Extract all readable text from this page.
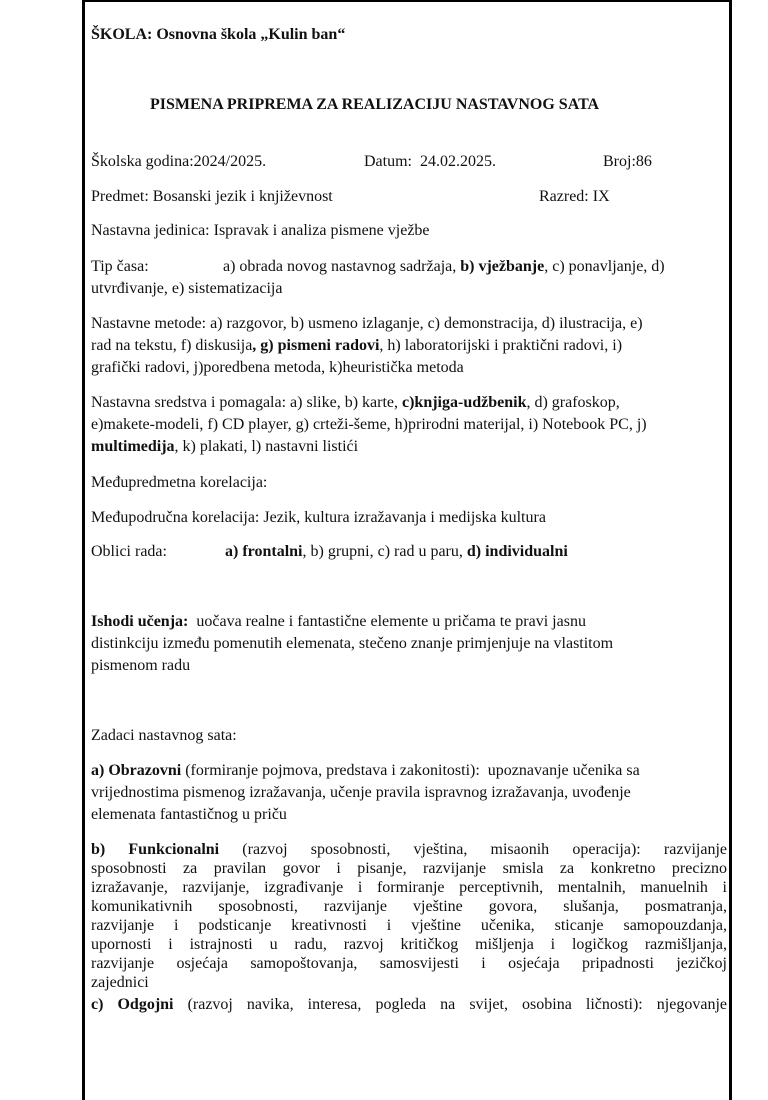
ŠKOLA: Osnovna škola „Kulin ban“
PISMENA PRIPREMA ZA REALIZACIJU NASTAVNOG SATA
Školska godina:2024/2025.	Datum: 24.02.2025.	Broj:86
Predmet: Bosanski jezik i književnost	Razred: IX
Nastavna jedinica: Ispravak i analiza pismene vježbe
Tip časa:	a) obrada novog nastavnog sadržaja, b) vježbanje, c) ponavljanje, d)
utvrđivanje, e) sistematizacija
Nastavne metode: a) razgovor, b) usmeno izlaganje, c) demonstracija, d) ilustracija, e)
rad na tekstu, f) diskusija, g) pismeni radovi, h) laboratorijski i praktični radovi, i)
grafički radovi, j)poredbena metoda, k)heuristička metoda
Nastavna sredstva i pomagala: a) slike, b) karte, c)knjiga-udžbenik, d) grafoskop,
e)makete-modeli, f) CD player, g) crteži-šeme, h)prirodni materijal, i) Notebook PC, j)
multimedija, k) plakati, l) nastavni listići
Međupredmetna korelacija:
Međupodručna korelacija: Jezik, kultura izražavanja i medijska kultura
Oblici rada:	a) frontalni, b) grupni, c) rad u paru, d) individualni
Ishodi učenja:  uočava realne i fantastične elemente u pričama te pravi jasnu
distinkciju između pomenutih elemenata, stečeno znanje primjenjuje na vlastitom
pismenom radu
Zadaci nastavnog sata:
a) Obrazovni (formiranje pojmova, predstava i zakonitosti):  upoznavanje učenika sa
vrijednostima pismenog izražavanja, učenje pravila ispravnog izražavanja, uvođenje
elemenata fantastičnog u priču
b) Funkcionalni (razvoj sposobnosti, vještina, misaonih operacija): razvijanje
sposobnosti za pravilan govor i pisanje, razvijanje smisla za konkretno precizno
izražavanje, razvijanje, izgrađivanje i formiranje perceptivnih, mentalnih, manuelnih i
komunikativnih sposobnosti, razvijanje vještine govora, slušanja, posmatranja,
razvijanje i podsticanje kreativnosti i vještine učenika, sticanje samopouzdanja,
upornosti i istrajnosti u radu, razvoj kritičkog mišljenja i logičkog razmišljanja,
razvijanje osjećaja samopoštovanja, samosvijesti i osjećaja pripadnosti jezičkoj
zajednici
c) Odgojni (razvoj navika, interesa, pogleda na svijet, osobina ličnosti): njegovanje
